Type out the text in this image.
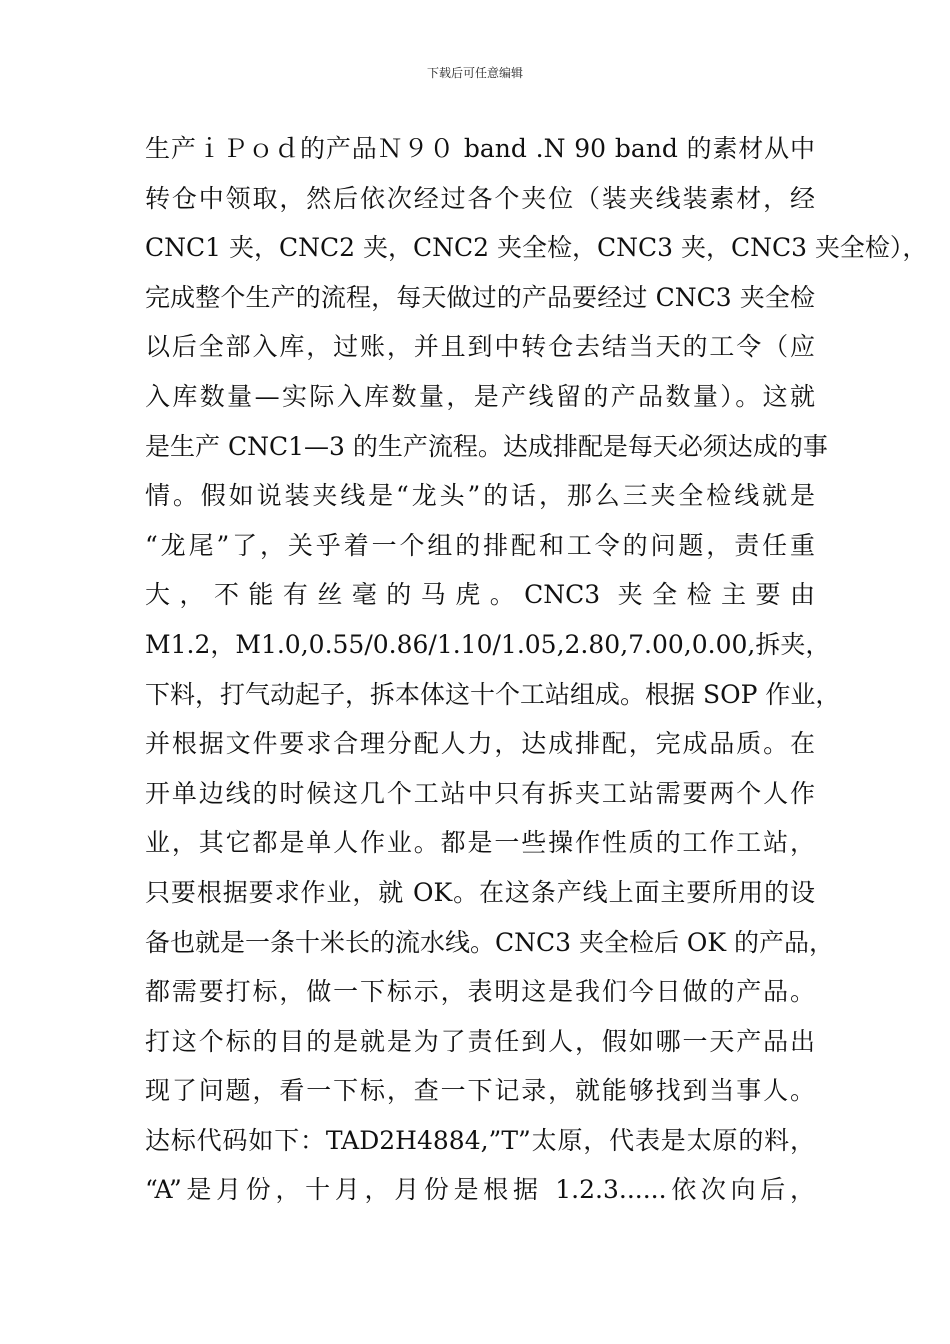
下载后可任意编辑
生产ｉＰｏｄ的产品Ｎ９０ band .N 90 band 的素材从中
转仓中领取，然后依次经过各个夹位（装夹线装素材，经
CNC1 夹，CNC2 夹，CNC2 夹全检，CNC3 夹，CNC3 夹全检），
完成整个生产的流程，每天做过的产品要经过 CNC3 夹全检
以后全部入库，过账，并且到中转仓去结当天的工令（应
入库数量—实际入库数量，是产线留的产品数量）。这就
是生产 CNC1—3 的生产流程。达成排配是每天必须达成的事
情。假如说装夹线是“龙头”的话，那么三夹全检线就是
“龙尾”了，关乎着一个组的排配和工令的问题，责任重
大，不能有丝毫的马虎。CNC3 夹全检主要由
M1.2，M1.0,0.55/0.86/1.10/1.05,2.80,7.00,0.00,拆夹，
下料，打气动起子，拆本体这十个工站组成。根据 SOP 作业，
并根据文件要求合理分配人力，达成排配，完成品质。在
开单边线的时候这几个工站中只有拆夹工站需要两个人作
业，其它都是单人作业。都是一些操作性质的工作工站，
只要根据要求作业，就 OK。在这条产线上面主要所用的设
备也就是一条十米长的流水线。CNC3 夹全检后 OK 的产品，
都需要打标，做一下标示，表明这是我们今日做的产品。
打这个标的目的是就是为了责任到人，假如哪一天产品出
现了问题，看一下标，查一下记录，就能够找到当事人。
达标代码如下：TAD2H4884,”T”太原，代表是太原的料，
“A”是月份，十月，月份是根据 1.2.3......依次向后，
